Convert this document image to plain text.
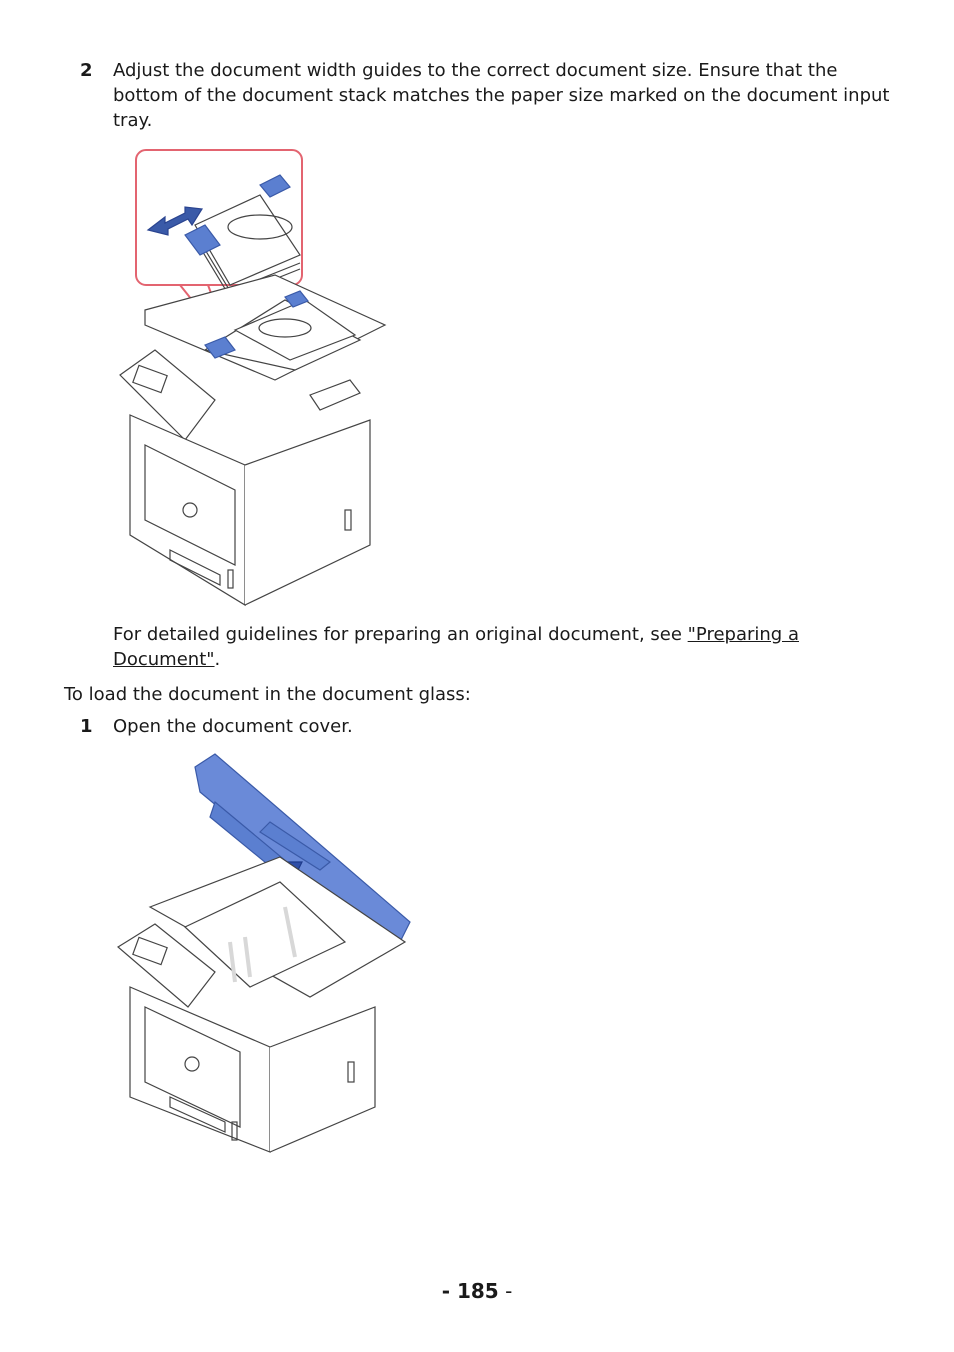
2 Adjust the document width guides to the correct document size. Ensure that the bottom of the document stack matches the paper size marked on the document input tray.
For detailed guidelines for preparing an original document, see "Preparing a Document".
To load the document in the document glass:
1 Open the document cover.
- 185 -
